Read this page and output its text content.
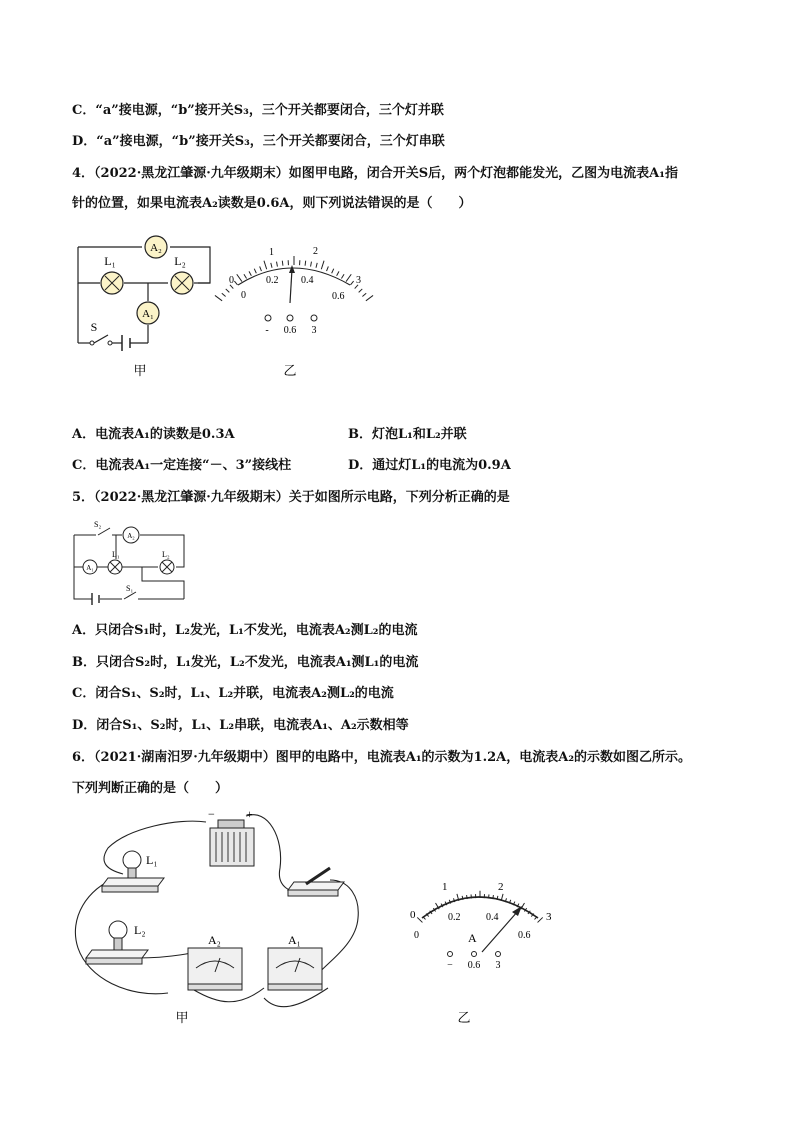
C．“a”接电源，“b”接开关S₃，三个开关都要闭合，三个灯并联
D．“a”接电源，“b”接开关S₃，三个开关都要闭合，三个灯串联
4．（2022·黑龙江肇源·九年级期末）如图甲电路，闭合开关S后，两个灯泡都能发光，乙图为电流表A₁指
针的位置，如果电流表A₂读数是0.6A，则下列说法错误的是（　　）
A₂
L₁	L₂
A₁
S
甲
0
1	2
3
0
0.2 0.4
0.6
- 0.6 3
乙
A．电流表A₁的读数是0.3A	B．灯泡L₁和L₂并联
C．电流表A₁一定连接“－、3”接线柱	D．通过灯L₁的电流为0.9A
5．（2022·黑龙江肇源·九年级期末）关于如图所示电路，下列分析正确的是
A₂
A₁
S₂
L₁	L₂
S₁
A．只闭合S₁时，L₂发光，L₁不发光，电流表A₂测L₂的电流
B．只闭合S₂时，L₁发光，L₂不发光，电流表A₁测L₁的电流
C．闭合S₁、S₂时，L₁、L₂并联，电流表A₂测L₂的电流
D．闭合S₁、S₂时，L₁、L₂串联，电流表A₁、A₂示数相等
6．（2021·湖南汨罗·九年级期中）图甲的电路中，电流表A₁的示数为1.2A，电流表A₂的示数如图乙所示。
下列判断正确的是（　　）
−	+
L₁
L₂
A₂	A₁
甲
0
1	2
3
0
0.2	0.4
0.6
A
− 0.6 3
乙
